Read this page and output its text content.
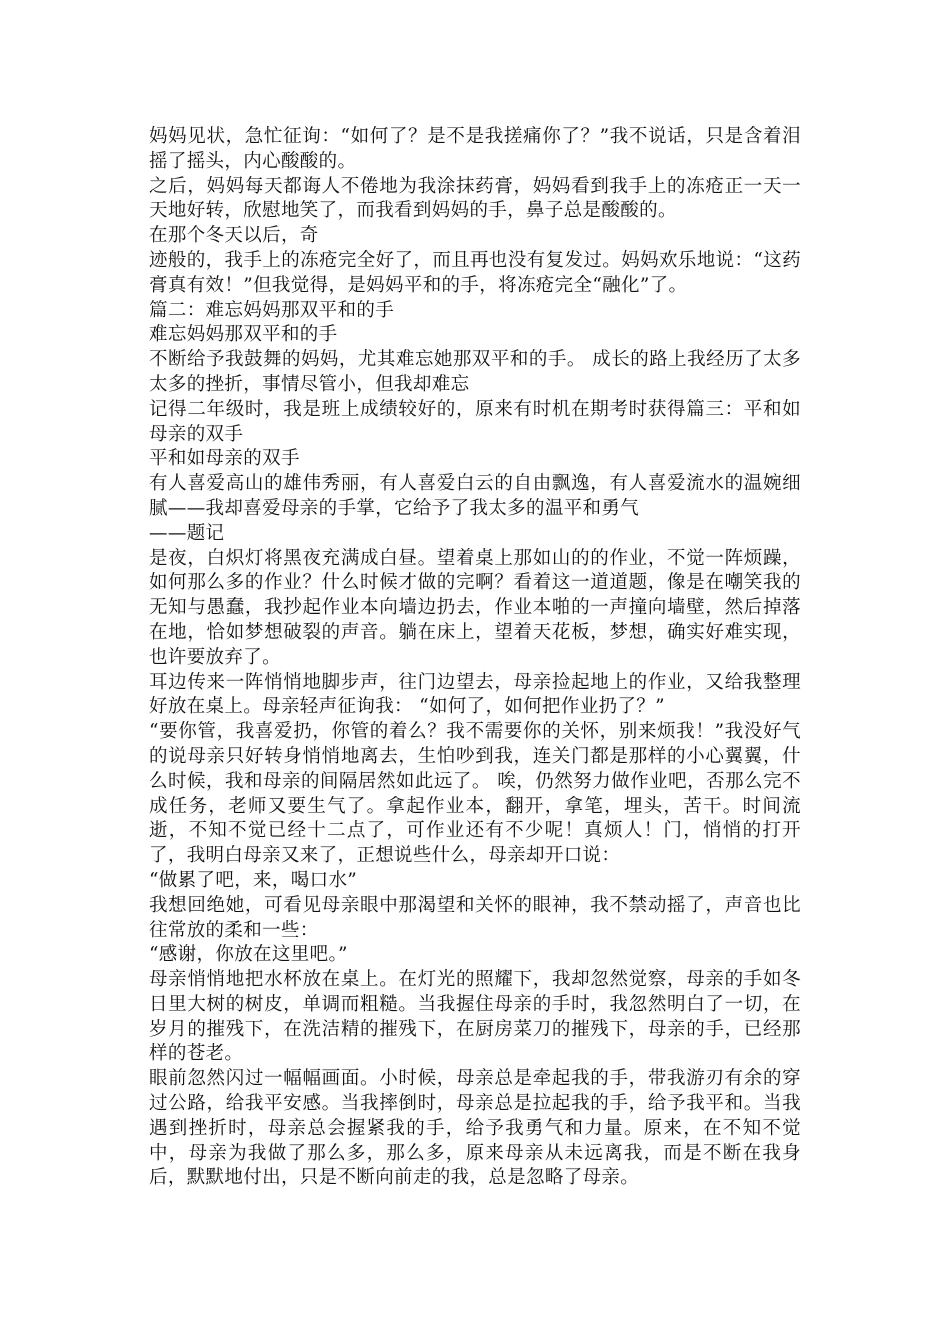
妈妈见状，急忙征询：“如何了？是不是我搓痛你了？”我不说话，只是含着泪摇了摇头，内心酸酸的。

之后，妈妈每天都诲人不倦地为我涂抹药膏，妈妈看到我手上的冻疮正一天一天地好转，欣慰地笑了，而我看到妈妈的手，鼻子总是酸酸的。

在那个冬天以后，奇

迹般的，我手上的冻疮完全好了，而且再也没有复发过。妈妈欢乐地说：“这药膏真有效！”但我觉得，是妈妈平和的手，将冻疮完全“融化”了。

篇二：难忘妈妈那双平和的手

难忘妈妈那双平和的手

不断给予我鼓舞的妈妈，尤其难忘她那双平和的手。 成长的路上我经历了太多太多的挫折，事情尽管小，但我却难忘

记得二年级时，我是班上成绩较好的，原来有时机在期考时获得篇三：平和如母亲的双手

平和如母亲的双手

有人喜爱高山的雄伟秀丽，有人喜爱白云的自由飘逸，有人喜爱流水的温婉细腻——我却喜爱母亲的手掌，它给予了我太多的温平和勇气

——题记

是夜，白炽灯将黑夜充满成白昼。望着桌上那如山的的作业，不觉一阵烦躁，如何那么多的作业？什么时候才做的完啊？看着这一道道题，像是在嘲笑我的无知与愚蠢，我抄起作业本向墙边扔去，作业本啪的一声撞向墙壁，然后掉落在地，恰如梦想破裂的声音。躺在床上，望着天花板，梦想，确实好难实现，也许要放弃了。

耳边传来一阵悄悄地脚步声，往门边望去，母亲捡起地上的作业，又给我整理好放在桌上。母亲轻声征询我： “如何了，如何把作业扔了？”

“要你管，我喜爱扔，你管的着么？我不需要你的关怀，别来烦我！”我没好气的说母亲只好转身悄悄地离去，生怕吵到我，连关门都是那样的小心翼翼，什么时候，我和母亲的间隔居然如此远了。 唉，仍然努力做作业吧，否那么完不成任务，老师又要生气了。拿起作业本，翻开，拿笔，埋头，苦干。时间流逝，不知不觉已经十二点了，可作业还有不少呢！真烦人！门，悄悄的打开了，我明白母亲又来了，正想说些什么，母亲却开口说：

“做累了吧，来，喝口水”

我想回绝她，可看见母亲眼中那渴望和关怀的眼神，我不禁动摇了，声音也比往常放的柔和一些：

“感谢，你放在这里吧。”

母亲悄悄地把水杯放在桌上。在灯光的照耀下，我却忽然觉察，母亲的手如冬日里大树的树皮，单调而粗糙。当我握住母亲的手时，我忽然明白了一切，在岁月的摧残下，在洗洁精的摧残下，在厨房菜刀的摧残下，母亲的手，已经那样的苍老。

眼前忽然闪过一幅幅画面。小时候，母亲总是牵起我的手，带我游刃有余的穿过公路，给我平安感。当我摔倒时，母亲总是拉起我的手，给予我平和。当我遇到挫折时，母亲总会握紧我的手，给予我勇气和力量。原来，在不知不觉中，母亲为我做了那么多，那么多，原来母亲从未远离我，而是不断在我身后，默默地付出，只是不断向前走的我，总是忽略了母亲。
